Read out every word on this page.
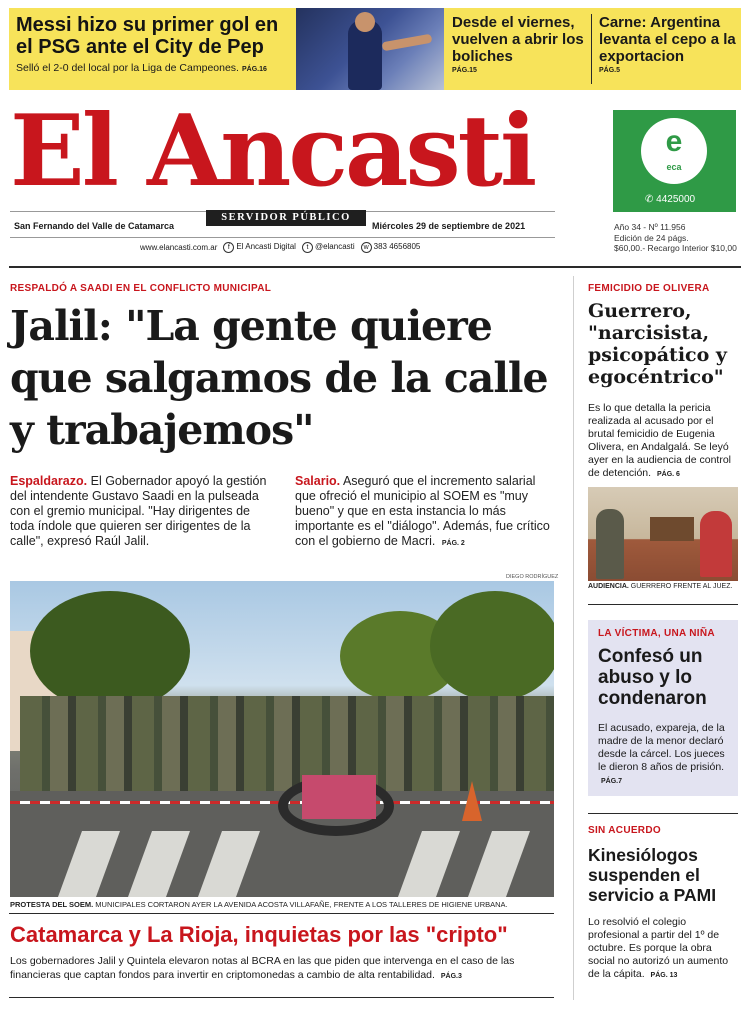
Messi hizo su primer gol en el PSG ante el City de Pep
Selló el 2-0 del local por la Liga de Campeones. PÁG.16
Desde el viernes, vuelven a abrir los boliches
PÁG.15
Carne: Argentina levanta el cepo a la exportacion
PÁG.5
El Ancasti
SERVIDOR PÚBLICO
San Fernando del Valle de Catamarca	Miércoles 29 de septiembre de 2021
www.elancasti.com.ar	f El Ancasti Digital	t @elancasti	w 383 4656805
e
eca
✆ 4425000
Año 34 - Nº 11.956
Edición de 24 págs.
$60,00.- Recargo Interior $10,00
RESPALDÓ A SAADI EN EL CONFLICTO MUNICIPAL
Jalil: "La gente quiere que salgamos de la calle y trabajemos"
Espaldarazo. El Gobernador apoyó la gestión del intendente Gustavo Saadi en la pulseada con el gremio municipal. "Hay dirigentes de toda índole que quieren ser dirigentes de la calle", expresó Raúl Jalil.
Salario. Aseguró que el incremento salarial que ofreció el municipio al SOEM es "muy bueno" y que en esta instancia lo más importante es el "diálogo". Además, fue crítico con el gobierno de Macri. PÁG. 2
DIEGO RODRÍGUEZ
PROTESTA DEL SOEM. MUNICIPALES CORTARON AYER LA AVENIDA ACOSTA VILLAFAÑE, FRENTE A LOS TALLERES DE HIGIENE URBANA.
Catamarca y La Rioja, inquietas por las "cripto"
Los gobernadores Jalil y Quintela elevaron notas al BCRA en las que piden que intervenga en el caso de las financieras que captan fondos para invertir en criptomonedas a cambio de alta rentabilidad. PÁG.3
FEMICIDIO DE OLIVERA
Guerrero, "narcisista, psicopático y egocéntrico"
Es lo que detalla la pericia realizada al acusado por el brutal femicidio de Eugenia Olivera, en Andalgalá. Se leyó ayer en la audiencia de control de detención. PÁG. 6
AUDIENCIA. GUERRERO FRENTE AL JUEZ.
LA VÍCTIMA, UNA NIÑA
Confesó un abuso y lo condenaron
El acusado, expareja, de la madre de la menor declaró desde la cárcel. Los jueces le dieron 8 años de prisión. PÁG.7
SIN ACUERDO
Kinesiólogos suspenden el servicio a PAMI
Lo resolvió el colegio profesional a partir del 1º de octubre. Es porque la obra social no autorizó un aumento de la cápita. PÁG. 13
